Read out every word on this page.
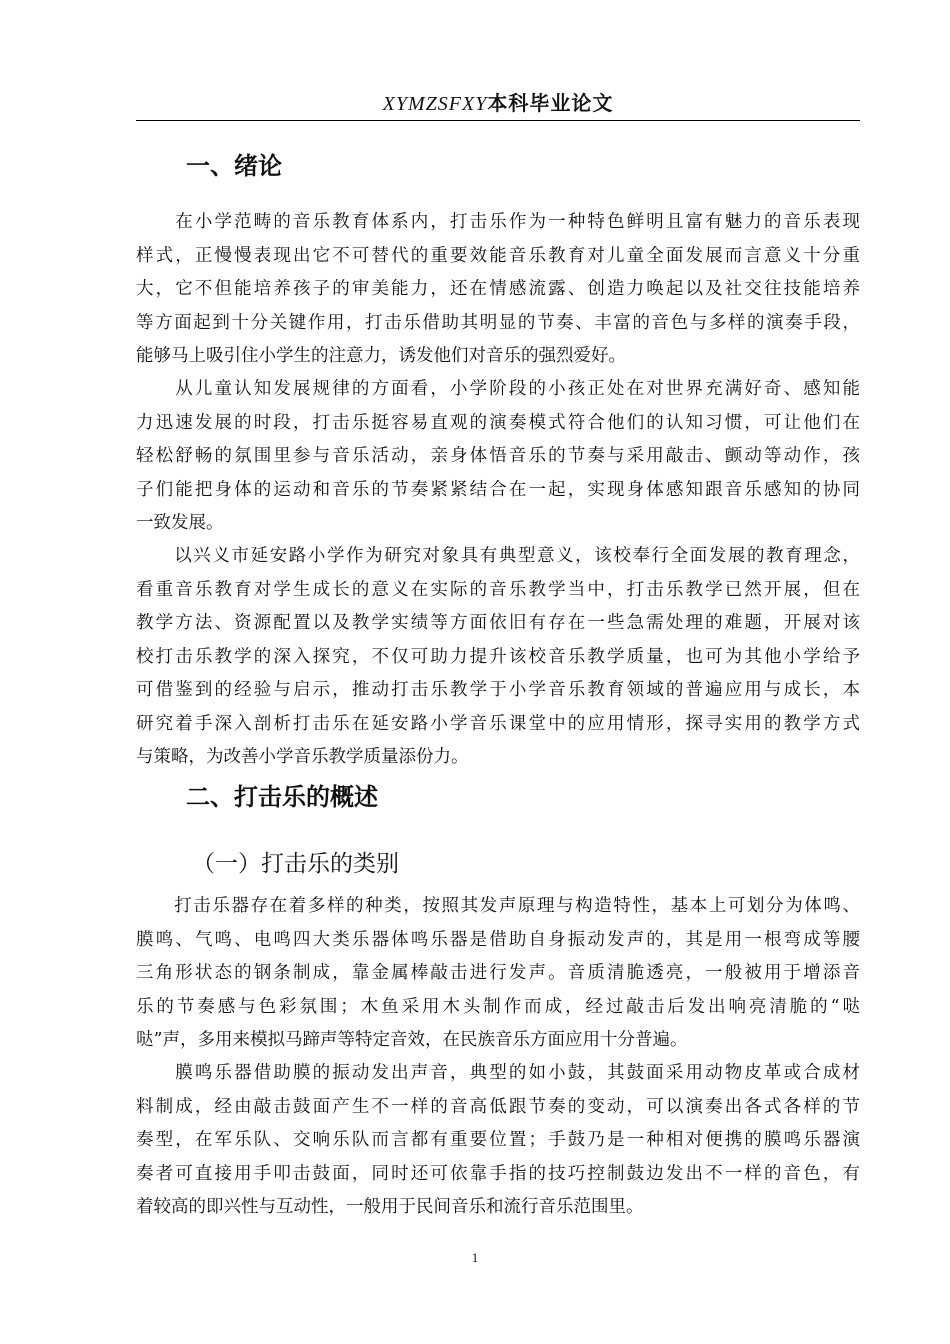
XYMZSFXY本科毕业论文
一、绪论
　　在小学范畴的音乐教育体系内，打击乐作为一种特色鲜明且富有魅力的音乐表现
样式，正慢慢表现出它不可替代的重要效能音乐教育对儿童全面发展而言意义十分重
大，它不但能培养孩子的审美能力，还在情感流露、创造力唤起以及社交往技能培养
等方面起到十分关键作用，打击乐借助其明显的节奏、丰富的音色与多样的演奏手段，
能够马上吸引住小学生的注意力，诱发他们对音乐的强烈爱好。
　　从儿童认知发展规律的方面看，小学阶段的小孩正处在对世界充满好奇、感知能
力迅速发展的时段，打击乐挺容易直观的演奏模式符合他们的认知习惯，可让他们在
轻松舒畅的氛围里参与音乐活动，亲身体悟音乐的节奏与采用敲击、颤动等动作，孩
子们能把身体的运动和音乐的节奏紧紧结合在一起，实现身体感知跟音乐感知的协同
一致发展。
　　以兴义市延安路小学作为研究对象具有典型意义，该校奉行全面发展的教育理念，
看重音乐教育对学生成长的意义在实际的音乐教学当中，打击乐教学已然开展，但在
教学方法、资源配置以及教学实绩等方面依旧有存在一些急需处理的难题，开展对该
校打击乐教学的深入探究，不仅可助力提升该校音乐教学质量，也可为其他小学给予
可借鉴到的经验与启示，推动打击乐教学于小学音乐教育领域的普遍应用与成长，本
研究着手深入剖析打击乐在延安路小学音乐课堂中的应用情形，探寻实用的教学方式
与策略，为改善小学音乐教学质量添份力。
二、打击乐的概述
（一）打击乐的类别
　　打击乐器存在着多样的种类，按照其发声原理与构造特性，基本上可划分为体鸣、
膜鸣、气鸣、电鸣四大类乐器体鸣乐器是借助自身振动发声的，其是用一根弯成等腰
三角形状态的钢条制成，靠金属棒敲击进行发声。音质清脆透亮，一般被用于增添音
乐的节奏感与色彩氛围；木鱼采用木头制作而成，经过敲击后发出响亮清脆的“哒
哒”声，多用来模拟马蹄声等特定音效，在民族音乐方面应用十分普遍。
　　膜鸣乐器借助膜的振动发出声音，典型的如小鼓，其鼓面采用动物皮革或合成材
料制成，经由敲击鼓面产生不一样的音高低跟节奏的变动，可以演奏出各式各样的节
奏型，在军乐队、交响乐队而言都有重要位置；手鼓乃是一种相对便携的膜鸣乐器演
奏者可直接用手叩击鼓面，同时还可依靠手指的技巧控制鼓边发出不一样的音色，有
着较高的即兴性与互动性，一般用于民间音乐和流行音乐范围里。
1
